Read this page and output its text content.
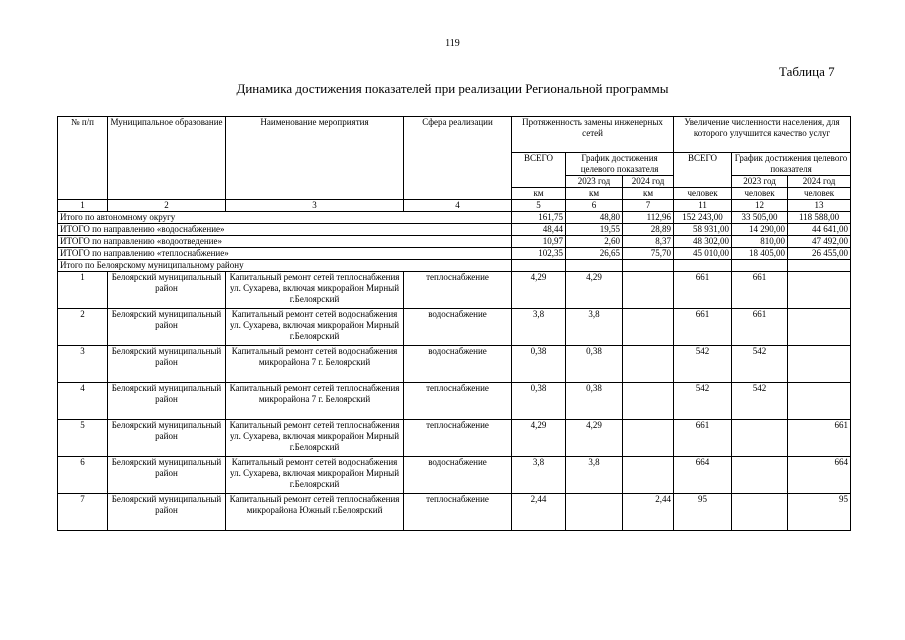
119
Таблица 7
Динамика достижения показателей при реализации Региональной программы
№ п/п	Муниципальное образование	Наименование мероприятия	Сфера реализации	Протяженность замены инженерных сетей			Увеличение численности населения, для которого улучшится качество услуг		
				ВСЕГО	График достижения целевого показателя		ВСЕГО	График достижения целевого показателя	
					2023 год	2024 год		2023 год	2024 год
				км	км	км	человек	человек	человек
1	2	3	4	5	6	7	11	12	13
Итого по автономному округу				161,75	48,80	112,96	152 243,00	33 505,00	118 588,00
ИТОГО по направлению «водоснабжение»				48,44	19,55	28,89	58 931,00	14 290,00	44 641,00
ИТОГО по направлению «водоотведение»				10,97	2,60	8,37	48 302,00	810,00	47 492,00
ИТОГО по направлению «теплоснабжение»				102,35	26,65	75,70	45 010,00	18 405,00	26 455,00
Итого по Белоярскому муниципальному району									
1	Белоярский муниципальный район	Капитальный ремонт сетей теплоснабжения ул. Сухарева, включая микрорайон Мирный г.Белоярский	теплоснабжение	4,29	4,29		661	661	
2	Белоярский муниципальный район	Капитальный ремонт сетей водоснабжения ул. Сухарева, включая микрорайон Мирный г.Белоярский	водоснабжение	3,8	3,8		661	661	
3	Белоярский муниципальный район	Капитальный ремонт сетей водоснабжения микрорайона 7 г. Белоярский	водоснабжение	0,38	0,38		542	542	
4	Белоярский муниципальный район	Капитальный ремонт сетей теплоснабжения микрорайона 7 г. Белоярский	теплоснабжение	0,38	0,38		542	542	
5	Белоярский муниципальный район	Капитальный ремонт сетей теплоснабжения ул. Сухарева, включая микрорайон Мирный г.Белоярский	теплоснабжение	4,29	4,29		661		661
6	Белоярский муниципальный район	Капитальный ремонт сетей водоснабжения ул. Сухарева, включая микрорайон Мирный г.Белоярский	водоснабжение	3,8	3,8		664		664
7	Белоярский муниципальный район	Капитальный ремонт сетей теплоснабжения микрорайона Южный г.Белоярский	теплоснабжение	2,44		2,44	95		95
